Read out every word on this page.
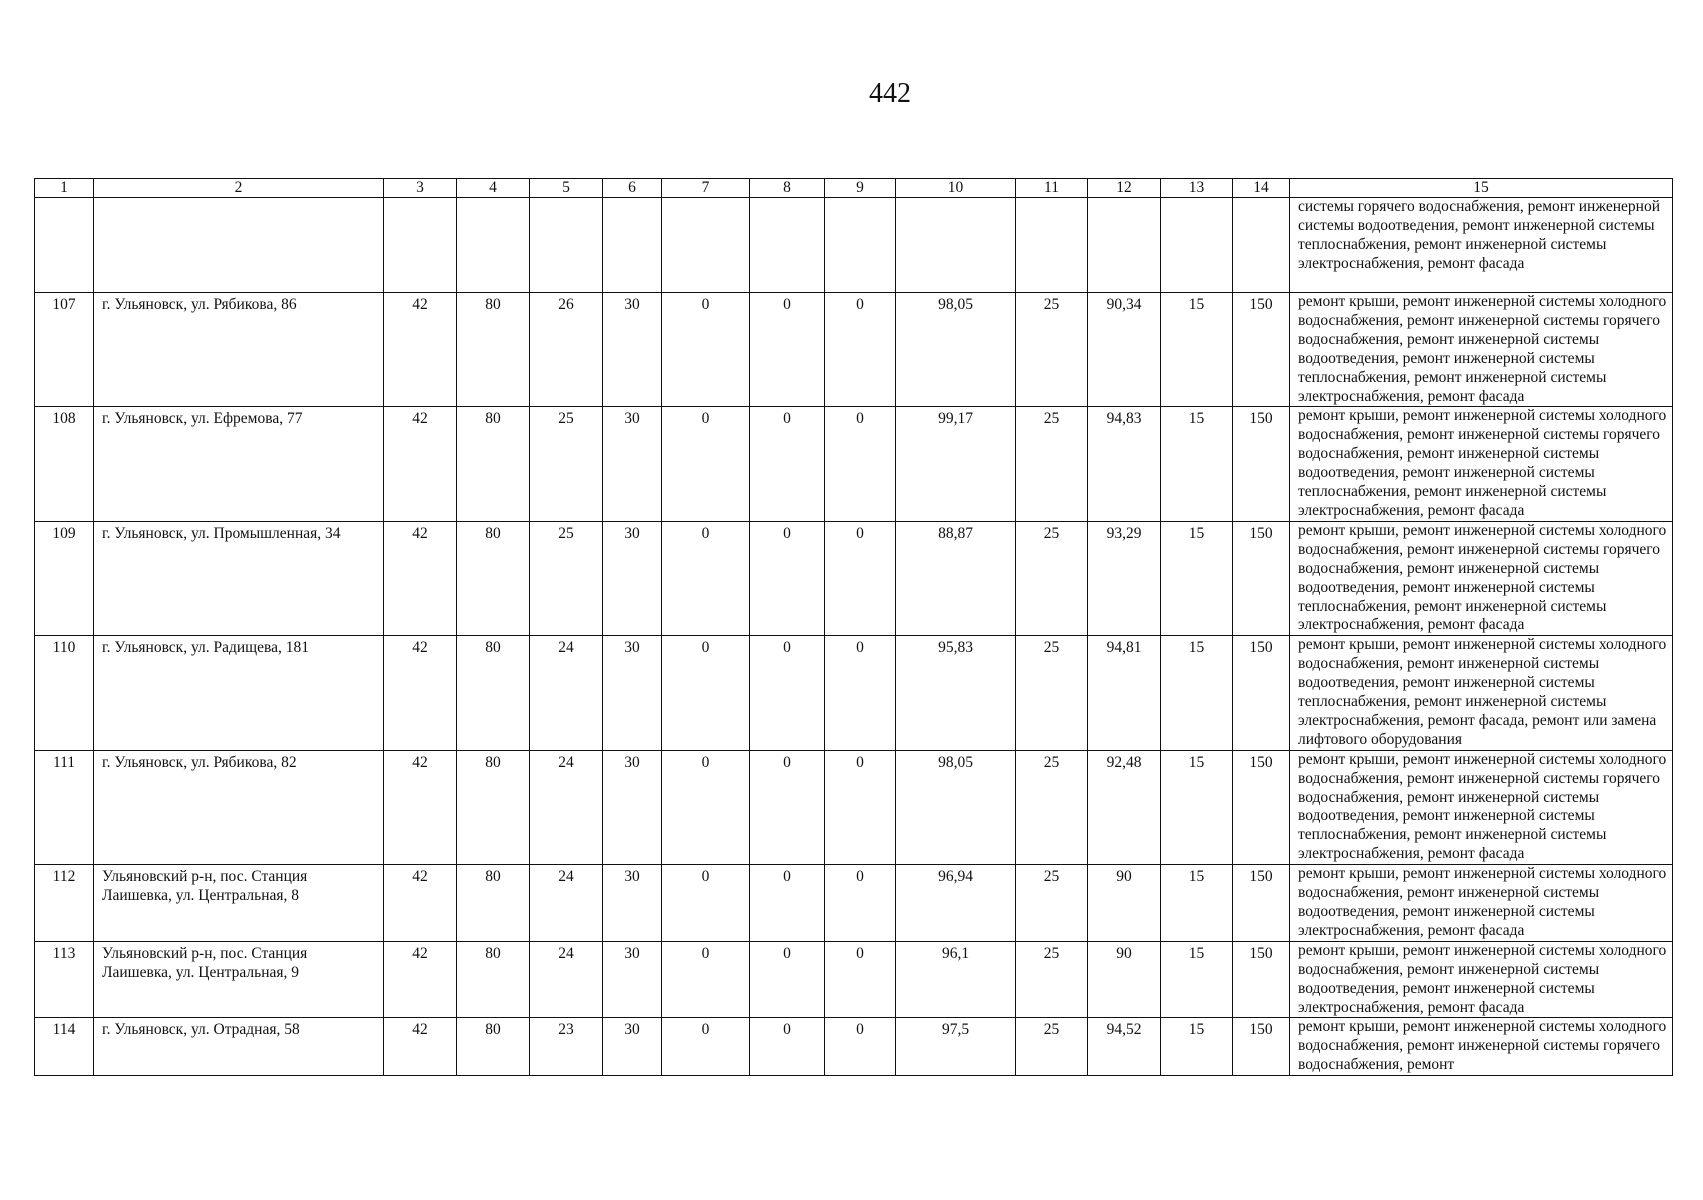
442
1	2	3	4	5	6	7	8	9	10	11	12	13	14	15
														системы горячего водоснабжения, ремонт инженерной системы водоотведения, ремонт инженерной системы теплоснабжения, ремонт инженерной системы электроснабжения, ремонт фасада
107	г. Ульяновск, ул. Рябикова, 86	42	80	26	30	0	0	0	98,05	25	90,34	15	150	ремонт крыши, ремонт инженерной системы холодного водоснабжения, ремонт инженерной системы горячего водоснабжения, ремонт инженерной системы водоотведения, ремонт инженерной системы теплоснабжения, ремонт инженерной системы электроснабжения, ремонт фасада
108	г. Ульяновск, ул. Ефремова, 77	42	80	25	30	0	0	0	99,17	25	94,83	15	150	ремонт крыши, ремонт инженерной системы холодного водоснабжения, ремонт инженерной системы горячего водоснабжения, ремонт инженерной системы водоотведения, ремонт инженерной системы теплоснабжения, ремонт инженерной системы электроснабжения, ремонт фасада
109	г. Ульяновск, ул. Промышленная, 34	42	80	25	30	0	0	0	88,87	25	93,29	15	150	ремонт крыши, ремонт инженерной системы холодного водоснабжения, ремонт инженерной системы горячего водоснабжения, ремонт инженерной системы водоотведения, ремонт инженерной системы теплоснабжения, ремонт инженерной системы электроснабжения, ремонт фасада
110	г. Ульяновск, ул. Радищева, 181	42	80	24	30	0	0	0	95,83	25	94,81	15	150	ремонт крыши, ремонт инженерной системы холодного водоснабжения, ремонт инженерной системы водоотведения, ремонт инженерной системы теплоснабжения, ремонт инженерной системы электроснабжения, ремонт фасада, ремонт или замена лифтового оборудования
111	г. Ульяновск, ул. Рябикова, 82	42	80	24	30	0	0	0	98,05	25	92,48	15	150	ремонт крыши, ремонт инженерной системы холодного водоснабжения, ремонт инженерной системы горячего водоснабжения, ремонт инженерной системы водоотведения, ремонт инженерной системы теплоснабжения, ремонт инженерной системы электроснабжения, ремонт фасада
112	Ульяновский р-н, пос. Станция Лаишевка, ул. Центральная, 8	42	80	24	30	0	0	0	96,94	25	90	15	150	ремонт крыши, ремонт инженерной системы холодного водоснабжения, ремонт инженерной системы водоотведения, ремонт инженерной системы электроснабжения, ремонт фасада
113	Ульяновский р-н, пос. Станция Лаишевка, ул. Центральная, 9	42	80	24	30	0	0	0	96,1	25	90	15	150	ремонт крыши, ремонт инженерной системы холодного водоснабжения, ремонт инженерной системы водоотведения, ремонт инженерной системы электроснабжения, ремонт фасада
114	г. Ульяновск, ул. Отрадная, 58	42	80	23	30	0	0	0	97,5	25	94,52	15	150	ремонт крыши, ремонт инженерной системы холодного водоснабжения, ремонт инженерной системы горячего водоснабжения, ремонт
